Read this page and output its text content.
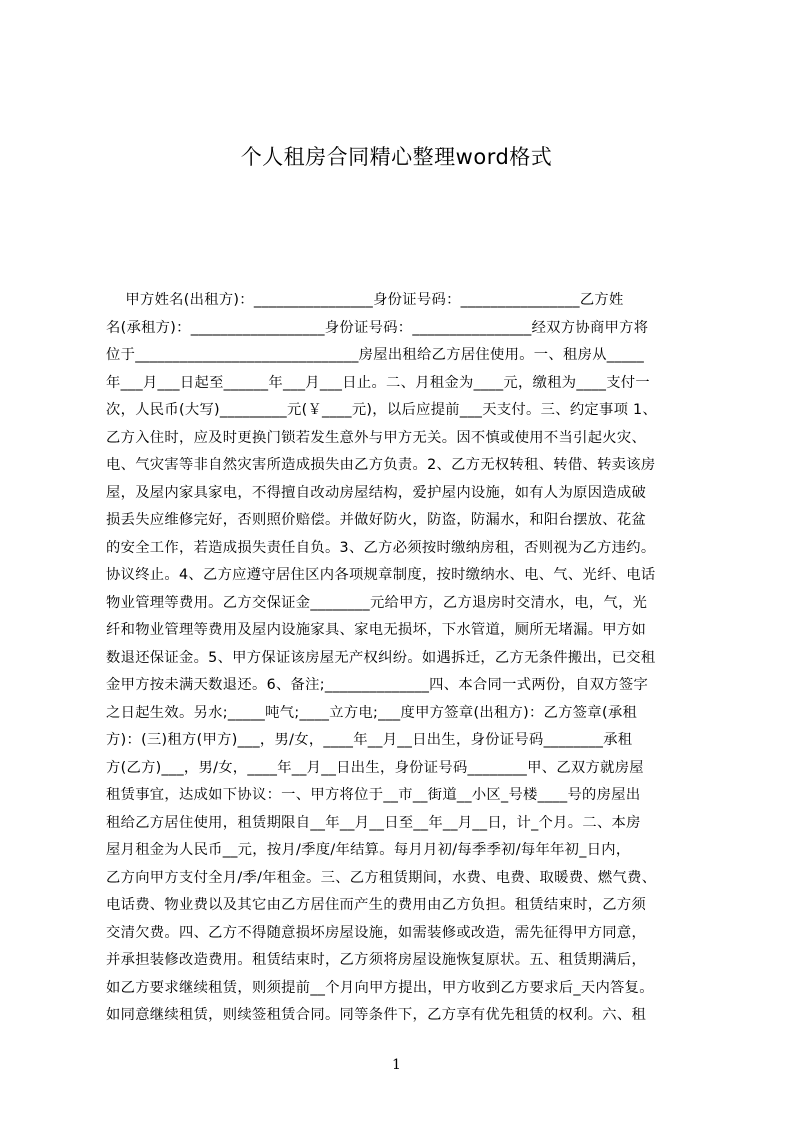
个人租房合同精心整理word格式
甲方姓名(出租方)：________________身份证号码：________________乙方姓
名(承租方)：__________________身份证号码：________________经双方协商甲方将
位于______________________________房屋出租给乙方居住使用。一、租房从_____
年___月___日起至______年___月___日止。二、月租金为____元，缴租为____支付一
次，人民币(大写)_________元(￥____元)，以后应提前___天支付。三、约定事项 1、
乙方入住时，应及时更换门锁若发生意外与甲方无关。因不慎或使用不当引起火灾、
电、气灾害等非自然灾害所造成损失由乙方负责。2、乙方无权转租、转借、转卖该房
屋，及屋内家具家电，不得擅自改动房屋结构，爱护屋内设施，如有人为原因造成破
损丢失应维修完好，否则照价赔偿。并做好防火，防盗，防漏水，和阳台摆放、花盆
的安全工作，若造成损失责任自负。3、乙方必须按时缴纳房租，否则视为乙方违约。
协议终止。4、乙方应遵守居住区内各项规章制度，按时缴纳水、电、气、光纤、电话
物业管理等费用。乙方交保证金________元给甲方，乙方退房时交清水，电，气，光
纤和物业管理等费用及屋内设施家具、家电无损坏，下水管道，厕所无堵漏。甲方如
数退还保证金。5、甲方保证该房屋无产权纠纷。如遇拆迁，乙方无条件搬出，已交租
金甲方按未满天数退还。6、备注;______________四、本合同一式两份，自双方签字
之日起生效。另水;_____吨气;____立方电;___度甲方签章(出租方)：乙方签章(承租
方)：(三)租方(甲方)___，男/女，____年__月__日出生，身份证号码________承租
方(乙方)___，男/女，____年__月__日出生，身份证号码________甲、乙双方就房屋
租赁事宜，达成如下协议：一、甲方将位于__市__街道__小区_号楼____号的房屋出
租给乙方居住使用，租赁期限自__年__月__日至__年__月__日，计_个月。二、本房
屋月租金为人民币__元，按月/季度/年结算。每月月初/每季季初/每年年初_日内，
乙方向甲方支付全月/季/年租金。三、乙方租赁期间，水费、电费、取暖费、燃气费、
电话费、物业费以及其它由乙方居住而产生的费用由乙方负担。租赁结束时，乙方须
交清欠费。四、乙方不得随意损坏房屋设施，如需装修或改造，需先征得甲方同意，
并承担装修改造费用。租赁结束时，乙方须将房屋设施恢复原状。五、租赁期满后，
如乙方要求继续租赁，则须提前__个月向甲方提出，甲方收到乙方要求后_天内答复。
如同意继续租赁，则续签租赁合同。同等条件下，乙方享有优先租赁的权利。六、租
1
